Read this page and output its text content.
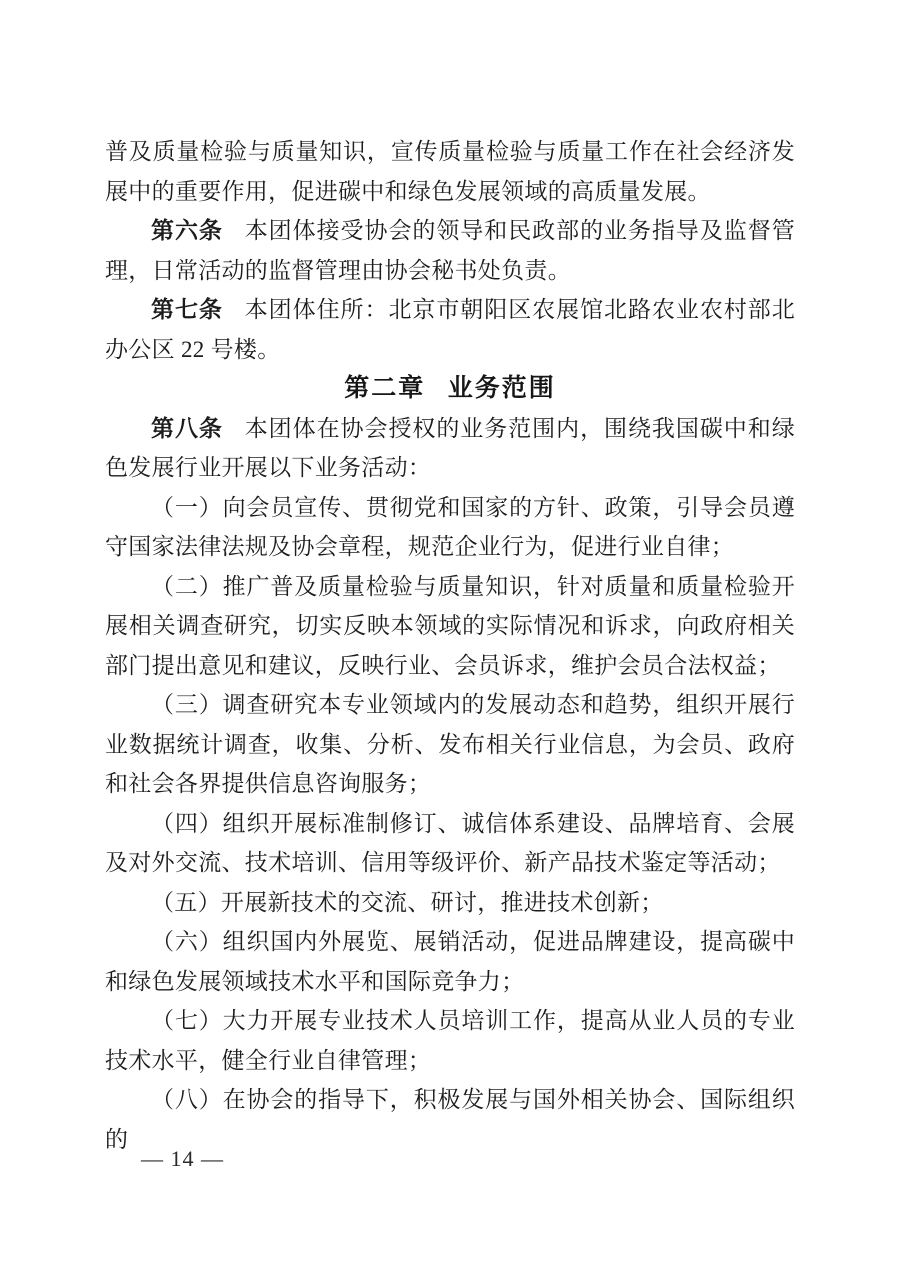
普及质量检验与质量知识，宣传质量检验与质量工作在社会经济发展中的重要作用，促进碳中和绿色发展领域的高质量发展。

第六条 本团体接受协会的领导和民政部的业务指导及监督管理，日常活动的监督管理由协会秘书处负责。

第七条 本团体住所：北京市朝阳区农展馆北路农业农村部北办公区 22 号楼。

第二章 业务范围

第八条 本团体在协会授权的业务范围内，围绕我国碳中和绿色发展行业开展以下业务活动：

（一）向会员宣传、贯彻党和国家的方针、政策，引导会员遵守国家法律法规及协会章程，规范企业行为，促进行业自律；

（二）推广普及质量检验与质量知识，针对质量和质量检验开展相关调查研究，切实反映本领域的实际情况和诉求，向政府相关部门提出意见和建议，反映行业、会员诉求，维护会员合法权益；

（三）调查研究本专业领域内的发展动态和趋势，组织开展行业数据统计调查，收集、分析、发布相关行业信息，为会员、政府和社会各界提供信息咨询服务；

（四）组织开展标准制修订、诚信体系建设、品牌培育、会展及对外交流、技术培训、信用等级评价、新产品技术鉴定等活动；

（五）开展新技术的交流、研讨，推进技术创新；

（六）组织国内外展览、展销活动，促进品牌建设，提高碳中和绿色发展领域技术水平和国际竞争力；

（七）大力开展专业技术人员培训工作，提高从业人员的专业技术水平，健全行业自律管理；

（八）在协会的指导下，积极发展与国外相关协会、国际组织的

— 14 —
